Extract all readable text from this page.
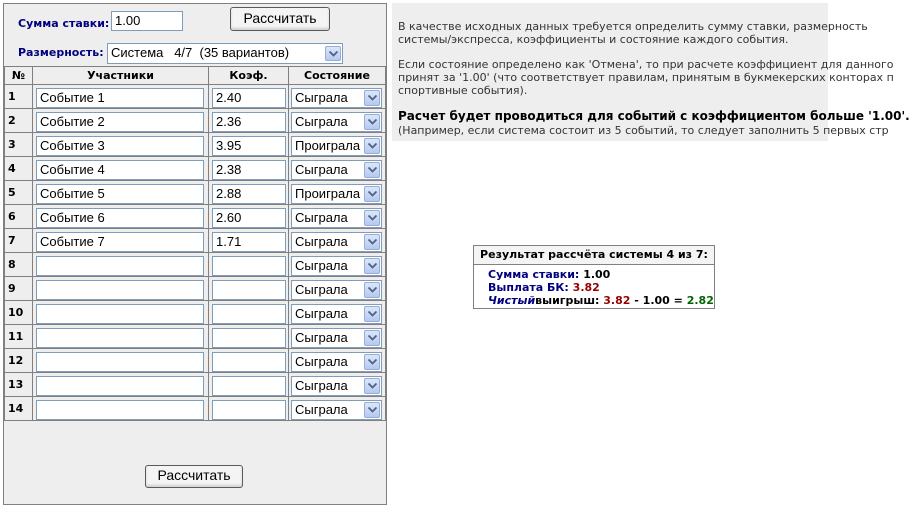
Сумма ставки: 1.00	Рассчитать
Размерность: Система   4/7  (35 вариантов)
№	Участники	Коэф.	Состояние
1	Событие 1	2.40	Сыграла

2	Событие 2	2.36	Сыграла

3	Событие 3	3.95	Проиграла

4	Событие 4	2.38	Сыграла

5	Событие 5	2.88	Проиграла

6	Событие 6	2.60	Сыграла

7	Событие 7	1.71	Сыграла

8			Сыграла

9			Сыграла

10			Сыграла

11			Сыграла

12			Сыграла

13			Сыграла

14			Сыграла
Рассчитать

В качестве исходных данных требуется определить сумму ставки, размерность

системы/экспресса, коэффициенты и состояние каждого события.

Если состояние определено как 'Отмена', то при расчете коэффициент для данного

принят за '1.00' (что соответствует правилам, принятым в букмекерских конторах п

спортивные события).

Расчет будет проводиться для событий с коэффициентом больше '1.00'.

(Например, если система состоит из 5 событий, то следует заполнить 5 первых стр

Результат рассчёта системы 4 из 7:
Сумма ставки: 1.00
Выплата БК: 3.82
Чистыйвыигрыш: 3.82 - 1.00 = 2.82
